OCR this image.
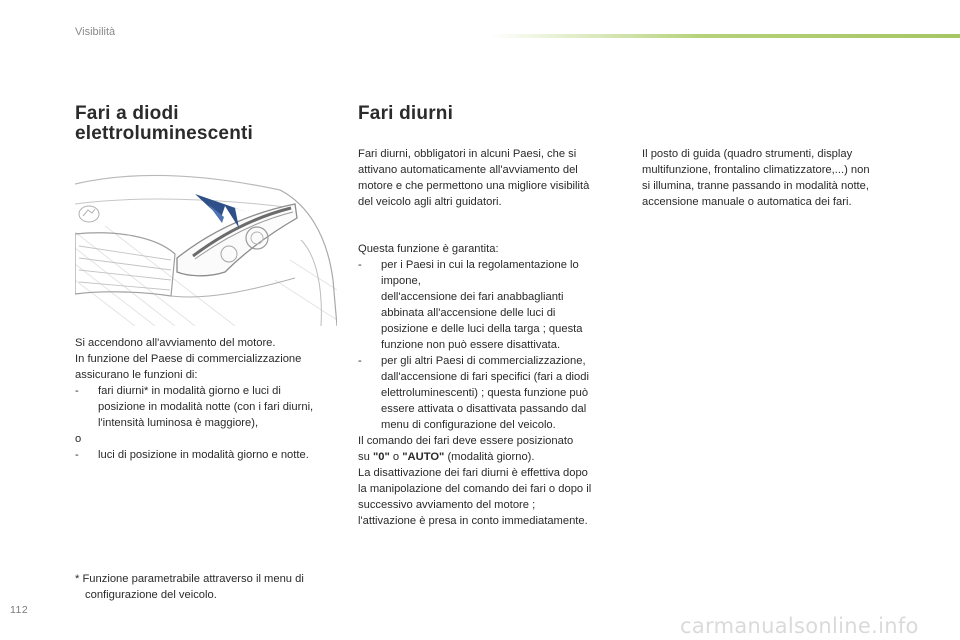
Visibilità
Fari a diodi elettroluminescenti
Fari diurni

Si accendono all'avviamento del motore.

In funzione del Paese di commercializzazione

assicurano le funzioni di:

- fari diurni* in modalità giorno e luci di
posizione in modalità notte (con i fari diurni,
l'intensità luminosa è maggiore),

o

- luci di posizione in modalità giorno e notte.
* Funzione parametrabile attraverso il menu di
configurazione del veicolo.

Fari diurni, obbligatori in alcuni Paesi, che si

attivano automaticamente all'avviamento del

motore e che permettono una migliore visibilità

del veicolo agli altri guidatori.

Questa funzione è garantita:

- per i Paesi in cui la regolamentazione lo
impone,
dell'accensione dei fari anabbaglianti
abbinata all'accensione delle luci di
posizione e delle luci della targa ; questa
funzione non può essere disattivata.
- per gli altri Paesi di commercializzazione,
dall'accensione di fari specifici (fari a diodi
elettroluminescenti) ; questa funzione può
essere attivata o disattivata passando dal
menu di configurazione del veicolo.

Il comando dei fari deve essere posizionato

su "0" o "AUTO" (modalità giorno).

La disattivazione dei fari diurni è effettiva dopo

la manipolazione del comando dei fari o dopo il

successivo avviamento del motore ;

l'attivazione è presa in conto immediatamente.

Il posto di guida (quadro strumenti, display

multifunzione, frontalino climatizzatore,...) non

si illumina, tranne passando in modalità notte,

accensione manuale o automatica dei fari.

112
carmanualsonline.info
